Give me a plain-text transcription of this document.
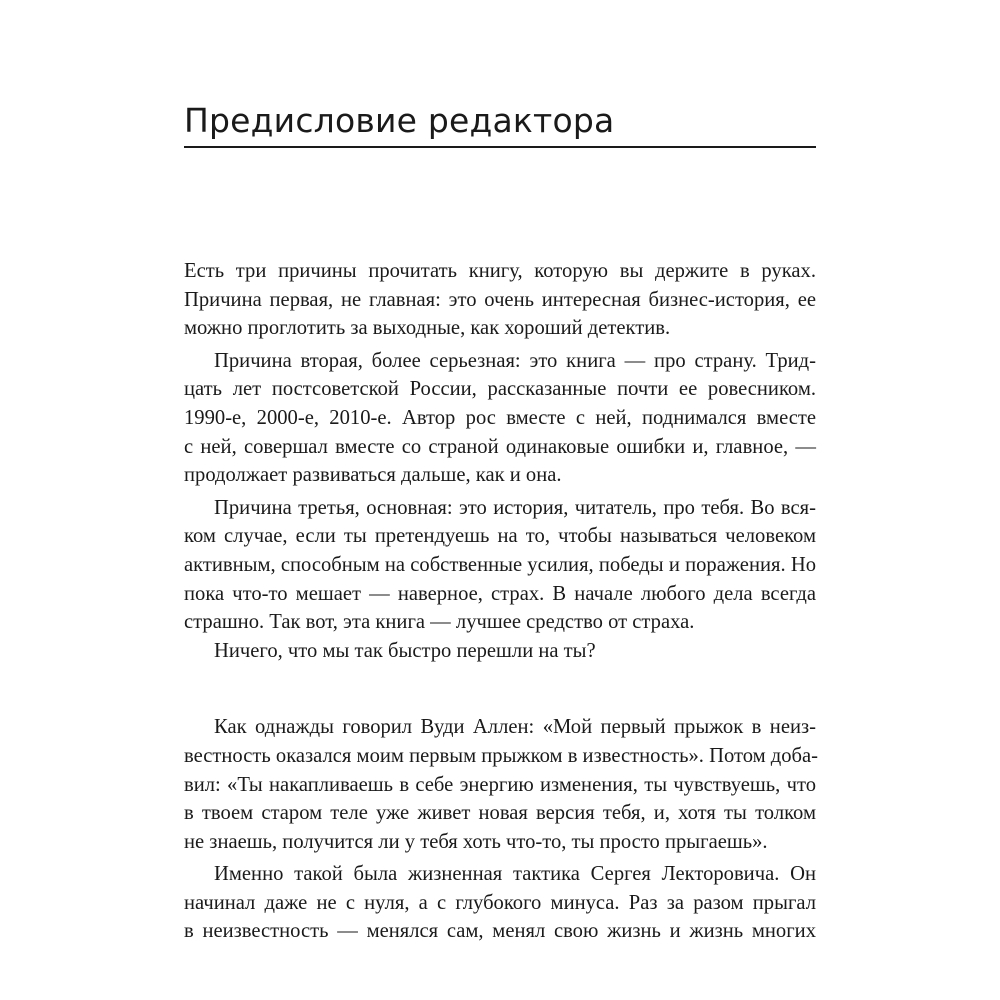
Предисловие редактора
Есть три причины прочитать книгу, которую вы держите в руках.
Причина первая, не главная: это очень интересная бизнес-история, ее
можно проглотить за выходные, как хороший детектив.
Причина вторая, более серьезная: это книга — про страну. Трид-
цать лет постсоветской России, рассказанные почти ее ровесником.
1990-е, 2000-е, 2010-е. Автор рос вместе с ней, поднимался вместе
с ней, совершал вместе со страной одинаковые ошибки и, главное, —
продолжает развиваться дальше, как и она.
Причина третья, основная: это история, читатель, про тебя. Во вся-
ком случае, если ты претендуешь на то, чтобы называться человеком
активным, способным на собственные усилия, победы и поражения. Но
пока что-то мешает — наверное, страх. В начале любого дела всегда
страшно. Так вот, эта книга — лучшее средство от страха.
Ничего, что мы так быстро перешли на ты?
Как однажды говорил Вуди Аллен: «Мой первый прыжок в неиз-
вестность оказался моим первым прыжком в известность». Потом доба-
вил: «Ты накапливаешь в себе энергию изменения, ты чувствуешь, что
в твоем старом теле уже живет новая версия тебя, и, хотя ты толком
не знаешь, получится ли у тебя хоть что-то, ты просто прыгаешь».
Именно такой была жизненная тактика Сергея Лекторовича. Он
начинал даже не с нуля, а с глубокого минуса. Раз за разом прыгал
в неизвестность — менялся сам, менял свою жизнь и жизнь многих
